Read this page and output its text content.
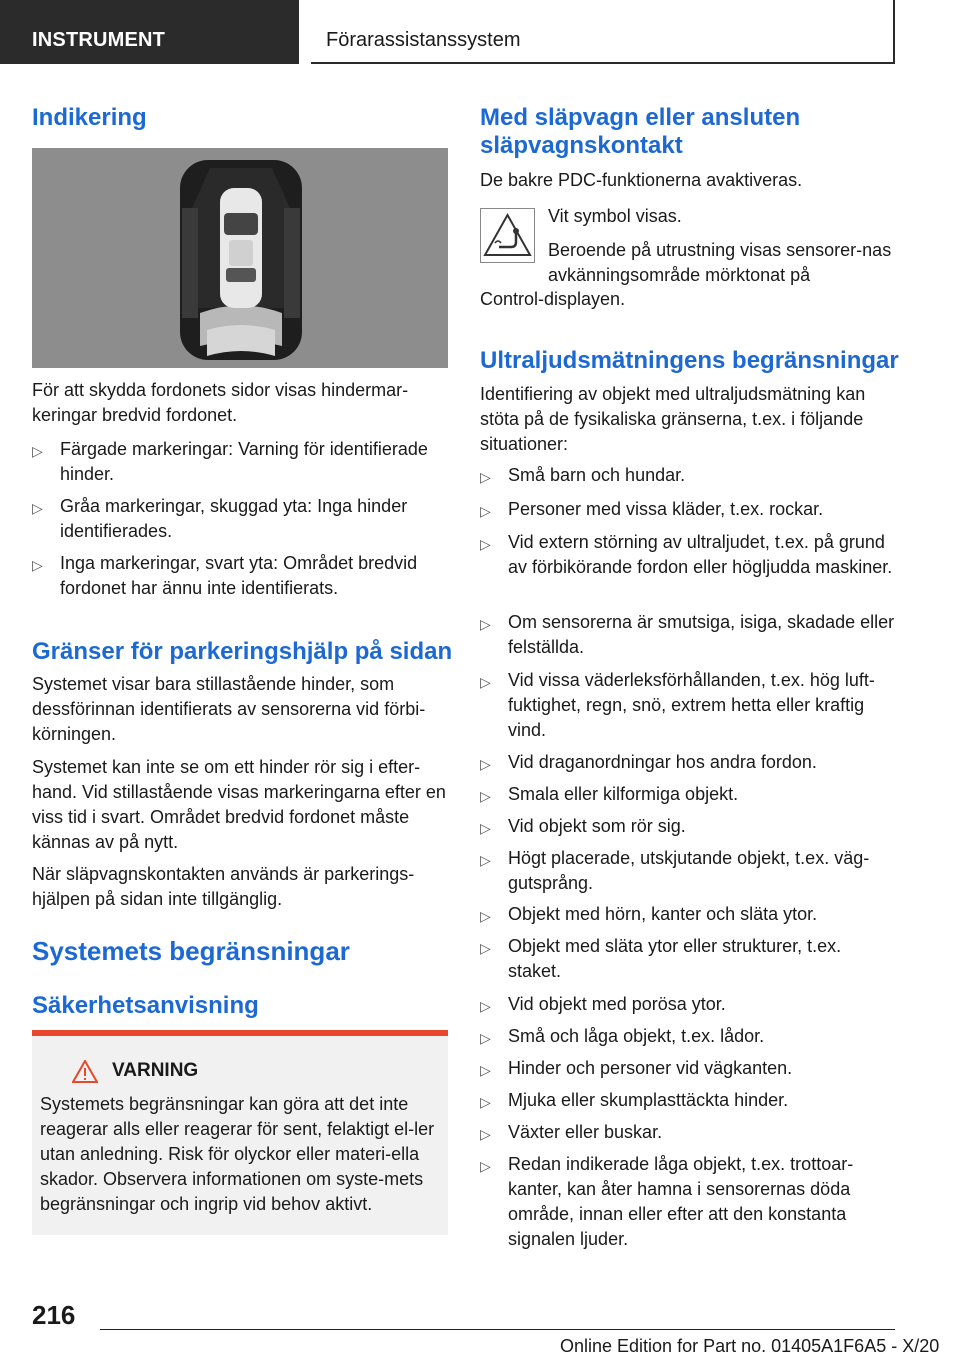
INSTRUMENT	Förarassistanssystem
Indikering

För att skydda fordonets sidor visas hindermar-keringar bredvid fordonet.

▷ Färgade markeringar: Varning för identifierade hinder.
▷ Gråa markeringar, skuggad yta: Inga hinder identifierades.
▷ Inga markeringar, svart yta: Området bredvid fordonet har ännu inte identifierats.
Gränser för parkeringshjälp på sidan

Systemet visar bara stillastående hinder, som dessförinnan identifierats av sensorerna vid förbi-körningen.

Systemet kan inte se om ett hinder rör sig i efter-hand. Vid stillastående visas markeringarna efter en viss tid i svart. Området bredvid fordonet måste kännas av på nytt.

När släpvagnskontakten används är parkerings-hjälpen på sidan inte tillgänglig.

Systemets begränsningar
Säkerhetsanvisning
VARNING

Systemets begränsningar kan göra att det inte reagerar alls eller reagerar för sent, felaktigt el-ler utan anledning. Risk för olyckor eller materi-ella skador. Observera informationen om syste-mets begränsningar och ingrip vid behov aktivt.

Med släpvagn eller ansluten släpvagnskontakt

De bakre PDC-funktionerna avaktiveras.

Vit symbol visas.

Beroende på utrustning visas sensorer-nas avkänningsområde mörktonat på

Control-displayen.

Ultraljudsmätningens begränsningar

Identifiering av objekt med ultraljudsmätning kan stöta på de fysikaliska gränserna, t.ex. i följande situationer:

▷ Små barn och hundar.
▷ Personer med vissa kläder, t.ex. rockar.
▷ Vid extern störning av ultraljudet, t.ex. på grund av förbikörande fordon eller högljudda maskiner.
▷ Om sensorerna är smutsiga, isiga, skadade eller felställda.
▷ Vid vissa väderleksförhållanden, t.ex. hög luft-fuktighet, regn, snö, extrem hetta eller kraftig vind.
▷ Vid draganordningar hos andra fordon.
▷ Smala eller kilformiga objekt.
▷ Vid objekt som rör sig.
▷ Högt placerade, utskjutande objekt, t.ex. väg-gutsprång.
▷ Objekt med hörn, kanter och släta ytor.
▷ Objekt med släta ytor eller strukturer, t.ex. staket.
▷ Vid objekt med porösa ytor.
▷ Små och låga objekt, t.ex. lådor.
▷ Hinder och personer vid vägkanten.
▷ Mjuka eller skumplasttäckta hinder.
▷ Växter eller buskar.
▷ Redan indikerade låga objekt, t.ex. trottoar-kanter, kan åter hamna i sensorernas döda område, innan eller efter att den konstanta signalen ljuder.
216
Online Edition for Part no. 01405A1F6A5 - X/20
